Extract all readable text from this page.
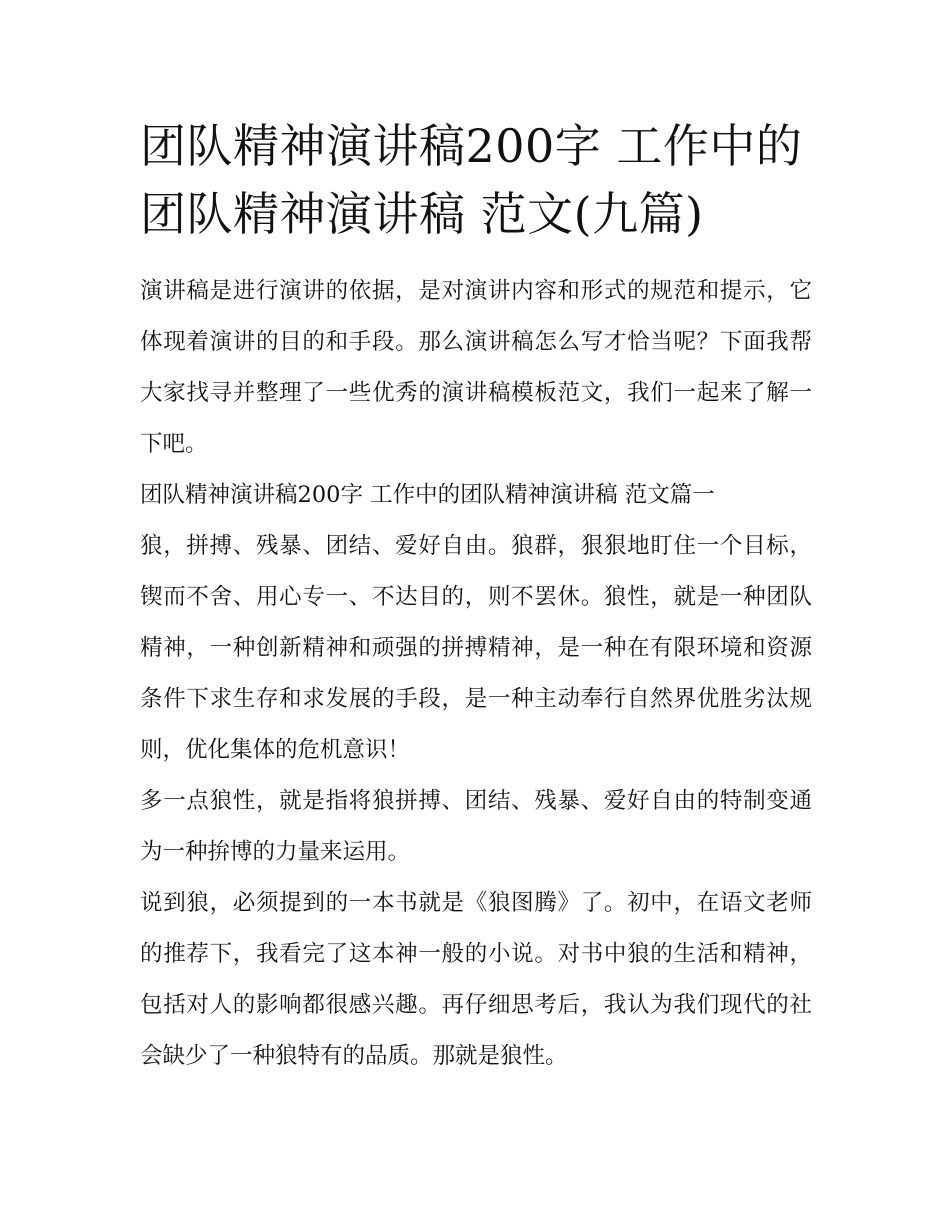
团队精神演讲稿200字 工作中的团队精神演讲稿 范文(九篇)

演讲稿是进行演讲的依据，是对演讲内容和形式的规范和提示，它体现着演讲的目的和手段。那么演讲稿怎么写才恰当呢？下面我帮大家找寻并整理了一些优秀的演讲稿模板范文，我们一起来了解一下吧。

团队精神演讲稿200字 工作中的团队精神演讲稿 范文篇一

狼，拼搏、残暴、团结、爱好自由。狼群，狠狠地盯住一个目标，锲而不舍、用心专一、不达目的，则不罢休。狼性，就是一种团队精神，一种创新精神和顽强的拼搏精神，是一种在有限环境和资源条件下求生存和求发展的手段，是一种主动奉行自然界优胜劣汰规则，优化集体的危机意识！

多一点狼性，就是指将狼拼搏、团结、残暴、爱好自由的特制变通为一种拚博的力量来运用。

说到狼，必须提到的一本书就是《狼图腾》了。初中，在语文老师的推荐下，我看完了这本神一般的小说。对书中狼的生活和精神，包括对人的影响都很感兴趣。再仔细思考后，我认为我们现代的社会缺少了一种狼特有的品质。那就是狼性。
